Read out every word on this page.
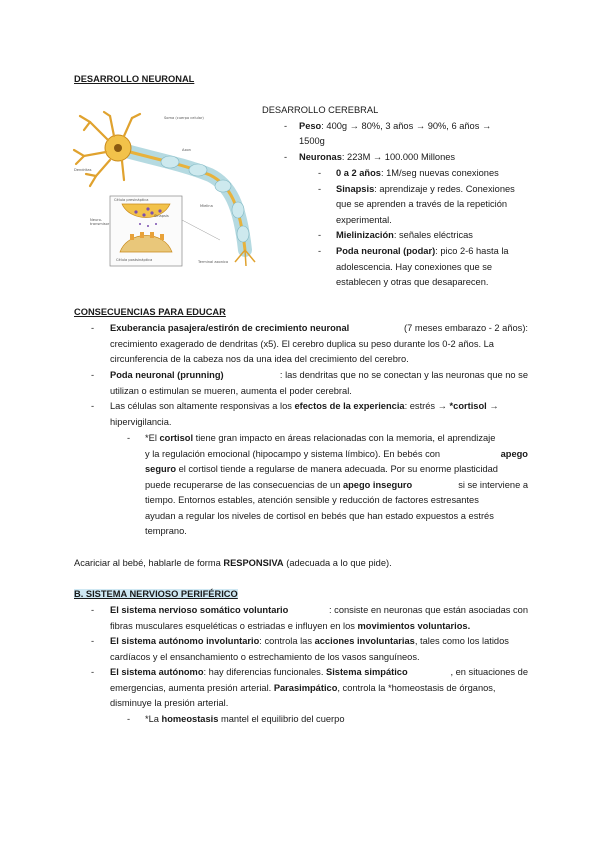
DESARROLLO NEURONAL
Soma (cuerpo celular)
Axon
Dendritas
Mielina
Célula presináptica
Neuro-transmisor
Sinapsis
Célula postsináptica	Terminal axonico
DESARROLLO CEREBRAL
- Peso: 400g → 80%, 3 años → 90%, 6 años →
1500g
- Neuronas: 223M → 100.000 Millones
- 0 a 2 años: 1M/seg nuevas conexiones
- Sinapsis: aprendizaje y redes. Conexiones
que se aprenden a través de la repetición
experimental.
- Mielinización: señales eléctricas
- Poda neuronal (podar): pico 2-6 hasta la
adolescencia. Hay conexiones que se
establecen y otras que desaparecen.
CONSECUENCIAS PARA EDUCAR
- Exuberancia pasajera/estirón de crecimiento neuronal	(7 meses embarazo - 2 años):
crecimiento exagerado de dendritas (x5). El cerebro duplica su peso durante los 0-2 años. La
circunferencia de la cabeza nos da una idea del crecimiento del cerebro.
- Poda neuronal (prunning)	: las dendritas que no se conectan y las neuronas que no se
utilizan o estimulan se mueren, aumenta el poder cerebral.
- Las células son altamente responsivas a los efectos de la experiencia: estrés → *cortisol →
hipervigilancia.
- *El cortisol tiene gran impacto en áreas relacionadas con la memoria, el aprendizaje
y la regulación emocional (hipocampo y sistema límbico). En bebés con	apego
seguro el cortisol tiende a regularse de manera adecuada. Por su enorme plasticidad
puede recuperarse de las consecuencias de un apego inseguro	si se interviene a
tiempo. Entornos estables, atención sensible y reducción de factores estresantes
ayudan a regular los niveles de cortisol en bebés que han estado expuestos a estrés
temprano.
Acariciar al bebé, hablarle de forma RESPONSIVA (adecuada a lo que pide).
B. SISTEMA NERVIOSO PERIFÉRICO
- El sistema nervioso somático voluntario	: consiste en neuronas que están asociadas con
fibras musculares esqueléticas o estriadas e influyen en los movimientos voluntarios.
- El sistema autónomo involuntario: controla las acciones involuntarias, tales como los latidos
cardíacos y el ensanchamiento o estrechamiento de los vasos sanguíneos.
- El sistema autónomo: hay diferencias funcionales. Sistema simpático	, en situaciones de
emergencias, aumenta presión arterial. Parasimpático, controla la *homeostasis de órganos,
disminuye la presión arterial.
- *La homeostasis mantel el equilibrio del cuerpo
